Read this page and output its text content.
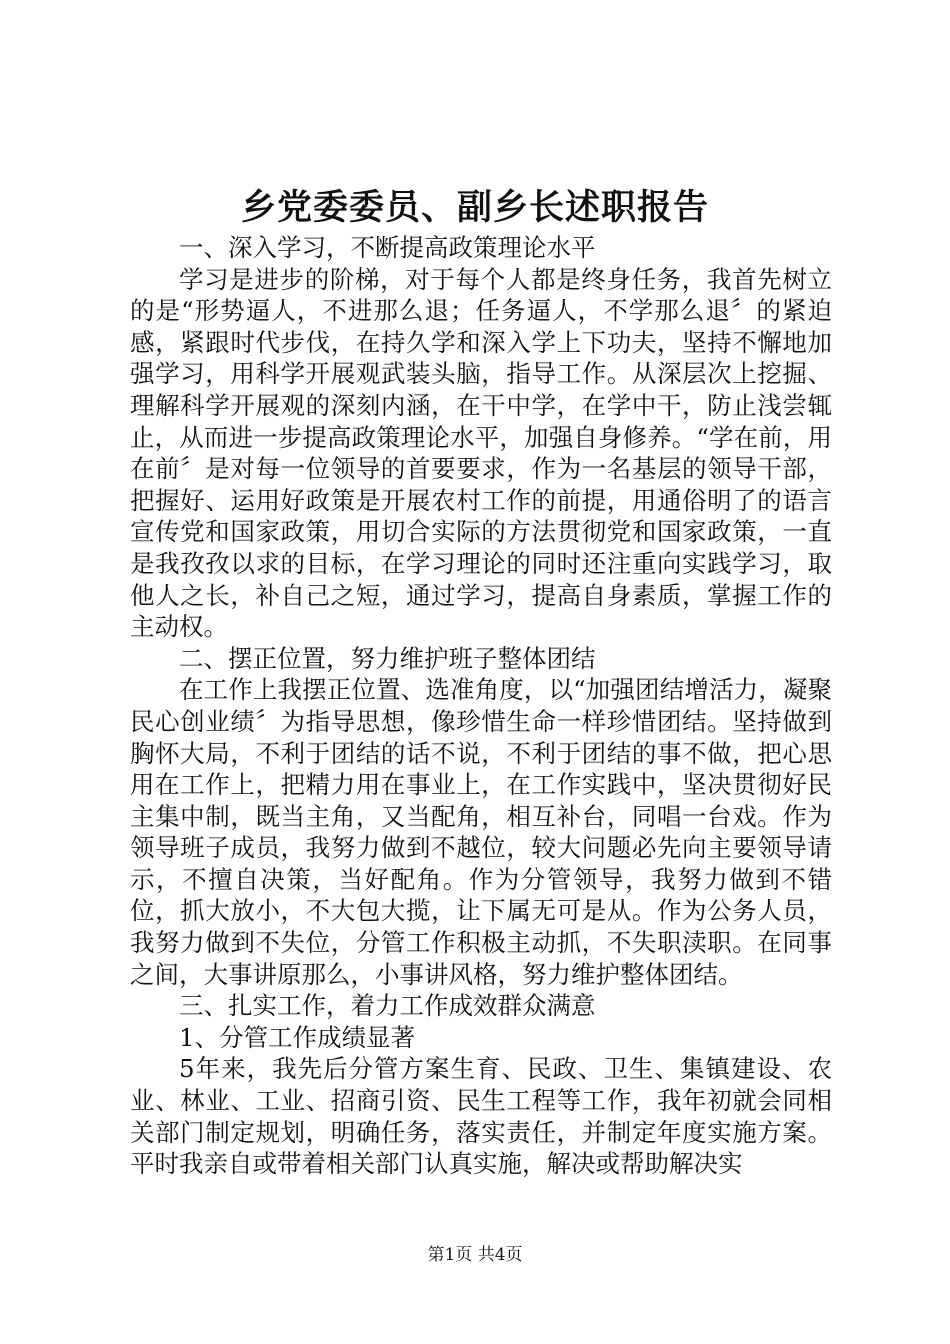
乡党委委员、副乡长述职报告

一、深入学习，不断提高政策理论水平

学习是进步的阶梯，对于每个人都是终身任务，我首先树立的是“形势逼人，不进那么退；任务逼人，不学那么退〞的紧迫感，紧跟时代步伐，在持久学和深入学上下功夫，坚持不懈地加强学习，用科学开展观武装头脑，指导工作。从深层次上挖掘、理解科学开展观的深刻内涵，在干中学，在学中干，防止浅尝辄止，从而进一步提高政策理论水平，加强自身修养。“学在前，用在前〞是对每一位领导的首要要求，作为一名基层的领导干部，把握好、运用好政策是开展农村工作的前提，用通俗明了的语言宣传党和国家政策，用切合实际的方法贯彻党和国家政策，一直是我孜孜以求的目标，在学习理论的同时还注重向实践学习，取他人之长，补自己之短，通过学习，提高自身素质，掌握工作的主动权。

二、摆正位置，努力维护班子整体团结

在工作上我摆正位置、选准角度，以“加强团结增活力，凝聚民心创业绩〞为指导思想，像珍惜生命一样珍惜团结。坚持做到胸怀大局，不利于团结的话不说，不利于团结的事不做，把心思用在工作上，把精力用在事业上，在工作实践中，坚决贯彻好民主集中制，既当主角，又当配角，相互补台，同唱一台戏。作为领导班子成员，我努力做到不越位，较大问题必先向主要领导请示，不擅自决策，当好配角。作为分管领导，我努力做到不错位，抓大放小，不大包大揽，让下属无可是从。作为公务人员，我努力做到不失位，分管工作积极主动抓，不失职渎职。在同事之间，大事讲原那么，小事讲风格，努力维护整体团结。

三、扎实工作，着力工作成效群众满意

1、分管工作成绩显著

5年来，我先后分管方案生育、民政、卫生、集镇建设、农业、林业、工业、招商引资、民生工程等工作，我年初就会同相关部门制定规划，明确任务，落实责任，并制定年度实施方案。平时我亲自或带着相关部门认真实施，解决或帮助解决实

第1页 共4页
